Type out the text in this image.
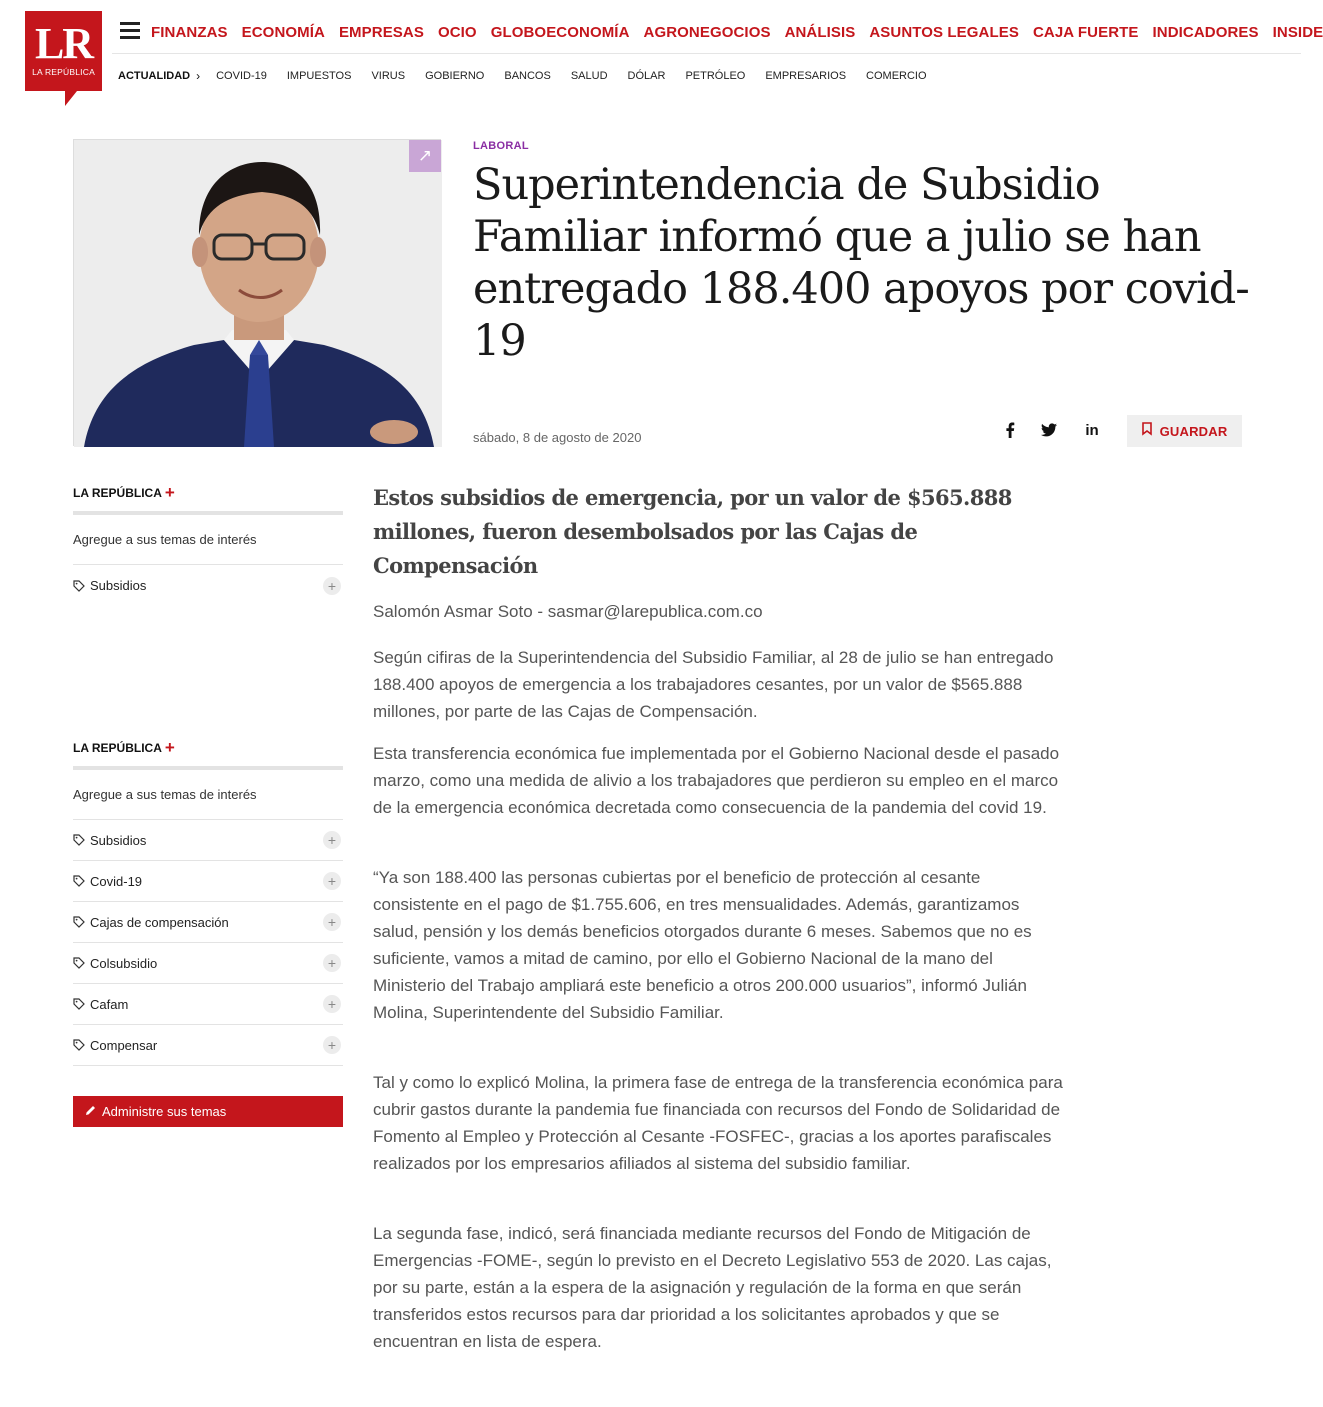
LR
LA REPÚBLICA
FINANZAS ECONOMÍA EMPRESAS OCIO GLOBOECONOMÍA AGRONEGOCIOS ANÁLISIS ASUNTOS LEGALES CAJA FUERTE INDICADORES INSIDE
ACTUALIDAD › COVID-19 IMPUESTOS VIRUS GOBIERNO BANCOS SALUD DÓLAR PETRÓLEO EMPRESARIOS COMERCIO
↗	LABORAL
Superintendencia de Subsidio Familiar informó que a julio se han entregado 188.400 apoyos por covid-19
sábado, 8 de agosto de 2020	in	GUARDAR
LA REPÚBLICA +
Agregue a sus temas de interés
Subsidios	+
LA REPÚBLICA +
Agregue a sus temas de interés
Subsidios	+
Covid-19	+
Cajas de compensación	+
Colsubsidio	+
Cafam	+
Compensar	+
Administre sus temas
Estos subsidios de emergencia, por un valor de $565.888 millones, fueron desembolsados por las Cajas de Compensación
Salomón Asmar Soto - sasmar@larepublica.com.co

Según cifiras de la Superintendencia del Subsidio Familiar, al 28 de julio se han entregado 188.400 apoyos de emergencia a los trabajadores cesantes, por un valor de $565.888 millones, por parte de las Cajas de Compensación.

Esta transferencia económica fue implementada por el Gobierno Nacional desde el pasado marzo, como una medida de alivio a los trabajadores que perdieron su empleo en el marco de la emergencia económica decretada como consecuencia de la pandemia del covid 19.

“Ya son 188.400 las personas cubiertas por el beneficio de protección al cesante consistente en el pago de $1.755.606, en tres mensualidades. Además, garantizamos salud, pensión y los demás beneficios otorgados durante 6 meses. Sabemos que no es suficiente, vamos a mitad de camino, por ello el Gobierno Nacional de la mano del Ministerio del Trabajo ampliará este beneficio a otros 200.000 usuarios”, informó Julián Molina, Superintendente del Subsidio Familiar.

Tal y como lo explicó Molina, la primera fase de entrega de la transferencia económica para cubrir gastos durante la pandemia fue financiada con recursos del Fondo de Solidaridad de Fomento al Empleo y Protección al Cesante -FOSFEC-, gracias a los aportes parafiscales realizados por los empresarios afiliados al sistema del subsidio familiar.

La segunda fase, indicó, será financiada mediante recursos del Fondo de Mitigación de Emergencias -FOME-, según lo previsto en el Decreto Legislativo 553 de 2020. Las cajas, por su parte, están a la espera de la asignación y regulación de la forma en que serán transferidos estos recursos para dar prioridad a los solicitantes aprobados y que se encuentran en lista de espera.
